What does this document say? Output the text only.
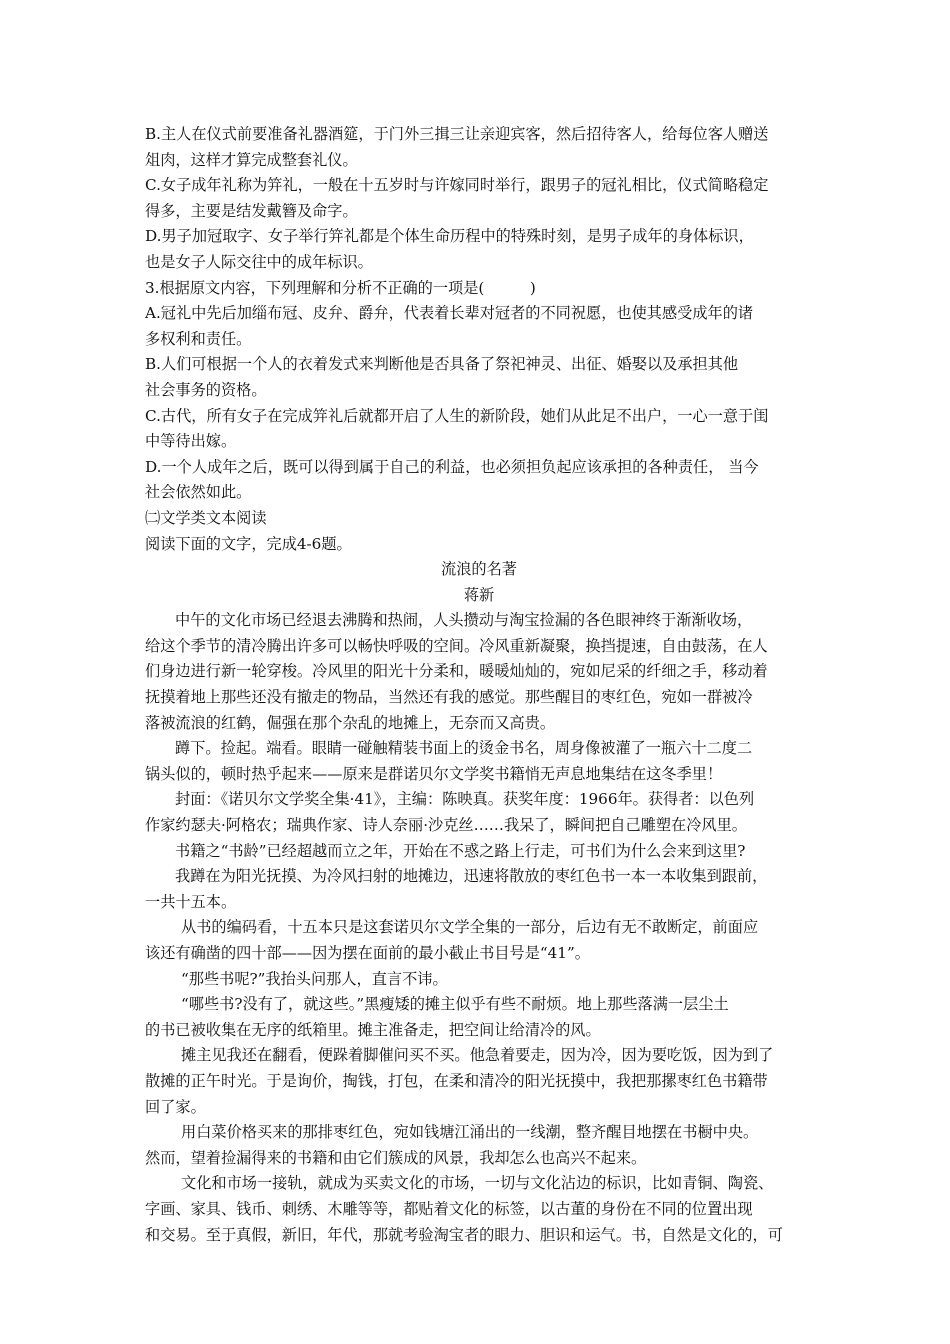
B.主人在仪式前要准备礼器酒筵，于门外三揖三让亲迎宾客，然后招待客人，给每位客人赠送
俎肉，这样才算完成整套礼仪。
C.女子成年礼称为笄礼，一般在十五岁时与许嫁同时举行，跟男子的冠礼相比，仪式简略稳定
得多，主要是结发戴簪及命字。
D.男子加冠取字、女子举行笄礼都是个体生命历程中的特殊时刻，是男子成年的身体标识，
也是女子人际交往中的成年标识。
3.根据原文内容，下列理解和分析不正确的一项是(　　　)
A.冠礼中先后加缁布冠、皮弁、爵弁，代表着长辈对冠者的不同祝愿，也使其感受成年的诸
多权利和责任。
B.人们可根据一个人的衣着发式来判断他是否具备了祭祀神灵、出征、婚娶以及承担其他
社会事务的资格。
C.古代，所有女子在完成笄礼后就都开启了人生的新阶段，她们从此足不出户，一心一意于闺
中等待出嫁。
D.一个人成年之后，既可以得到属于自己的利益，也必须担负起应该承担的各种责任， 当今
社会依然如此。
㈡文学类文本阅读
阅读下面的文字，完成4-6题。
流浪的名著
蒋新
中午的文化市场已经退去沸腾和热闹，人头攒动与淘宝捡漏的各色眼神终于渐渐收场，
给这个季节的清冷腾出许多可以畅快呼吸的空间。冷风重新凝聚，换挡提速，自由鼓荡，在人
们身边进行新一轮穿梭。冷风里的阳光十分柔和，暖暖灿灿的，宛如尼采的纤细之手，移动着
抚摸着地上那些还没有撤走的物品，当然还有我的感觉。那些醒目的枣红色，宛如一群被冷
落被流浪的红鹤，倔强在那个杂乱的地摊上，无奈而又高贵。
蹲下。捡起。端看。眼睛一碰触精装书面上的烫金书名，周身像被灌了一瓶六十二度二
锅头似的，顿时热乎起来——原来是群诺贝尔文学奖书籍悄无声息地集结在这冬季里！
封面：《诺贝尔文学奖全集·41》，主编：陈映真。获奖年度：1966年。获得者：以色列
作家约瑟夫·阿格农；瑞典作家、诗人奈丽·沙克丝……我呆了，瞬间把自己雕塑在冷风里。
书籍之“书龄”已经超越而立之年，开始在不惑之路上行走，可书们为什么会来到这里?
我蹲在为阳光抚摸、为冷风扫射的地摊边，迅速将散放的枣红色书一本一本收集到跟前，
一共十五本。
从书的编码看，十五本只是这套诺贝尔文学全集的一部分，后边有无不敢断定，前面应
该还有确凿的四十部——因为摆在面前的最小截止书目号是“41”。
“那些书呢?”我抬头问那人，直言不讳。
“哪些书?没有了，就这些。”黑瘦矮的摊主似乎有些不耐烦。地上那些落满一层尘土
的书已被收集在无序的纸箱里。摊主准备走，把空间让给清冷的风。
摊主见我还在翻看，便跺着脚催问买不买。他急着要走，因为冷，因为要吃饭，因为到了
散摊的正午时光。于是询价，掏钱，打包，在柔和清冷的阳光抚摸中，我把那摞枣红色书籍带
回了家。
用白菜价格买来的那排枣红色，宛如钱塘江涌出的一线潮，整齐醒目地摆在书橱中央。
然而，望着捡漏得来的书籍和由它们簇成的风景，我却怎么也高兴不起来。
文化和市场一接轨，就成为买卖文化的市场，一切与文化沾边的标识，比如青铜、陶瓷、
字画、家具、钱币、刺绣、木雕等等，都贴着文化的标签，以古董的身份在不同的位置出现
和交易。至于真假，新旧，年代，那就考验淘宝者的眼力、胆识和运气。书，自然是文化的，可
